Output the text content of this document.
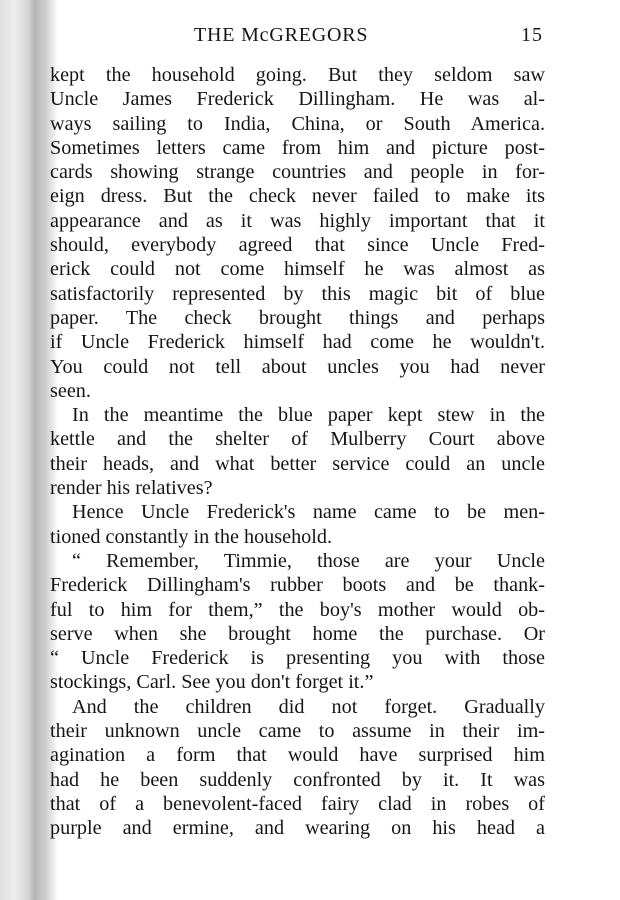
THE McGREGORS	15
kept the household going. But they seldom saw
Uncle James Frederick Dillingham. He was al-
ways sailing to India, China, or South America.
Sometimes letters came from him and picture post-
cards showing strange countries and people in for-
eign dress. But the check never failed to make its
appearance and as it was highly important that it
should, everybody agreed that since Uncle Fred-
erick could not come himself he was almost as
satisfactorily represented by this magic bit of blue
paper. The check brought things and perhaps
if Uncle Frederick himself had come he wouldn't.
You could not tell about uncles you had never
seen.
In the meantime the blue paper kept stew in the
kettle and the shelter of Mulberry Court above
their heads, and what better service could an uncle
render his relatives?
Hence Uncle Frederick's name came to be men-
tioned constantly in the household.
“ Remember, Timmie, those are your Uncle
Frederick Dillingham's rubber boots and be thank-
ful to him for them,” the boy's mother would ob-
serve when she brought home the purchase. Or
“ Uncle Frederick is presenting you with those
stockings, Carl. See you don't forget it.”
And the children did not forget. Gradually
their unknown uncle came to assume in their im-
agination a form that would have surprised him
had he been suddenly confronted by it. It was
that of a benevolent-faced fairy clad in robes of
purple and ermine, and wearing on his head a
